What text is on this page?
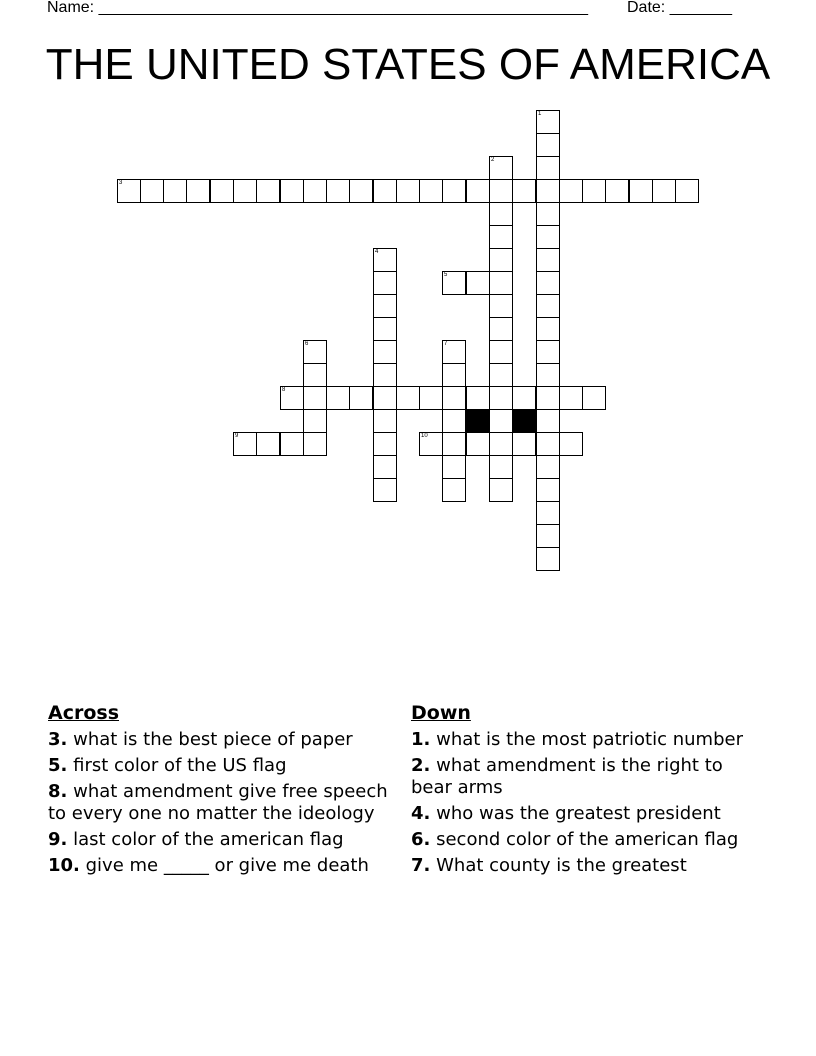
Name: _______________________________________________________ Date: _______
THE UNITED STATES OF AMERICA
1
2
3
4
5
6	7
8
9	10
Across
3. what is the best piece of paper
5. first color of the US flag
8. what amendment give free speech to every one no matter the ideology
9. last color of the american flag
10. give me _____ or give me death
Down
1. what is the most patriotic number
2. what amendment is the right to bear arms
4. who was the greatest president
6. second color of the american flag
7. What county is the greatest
